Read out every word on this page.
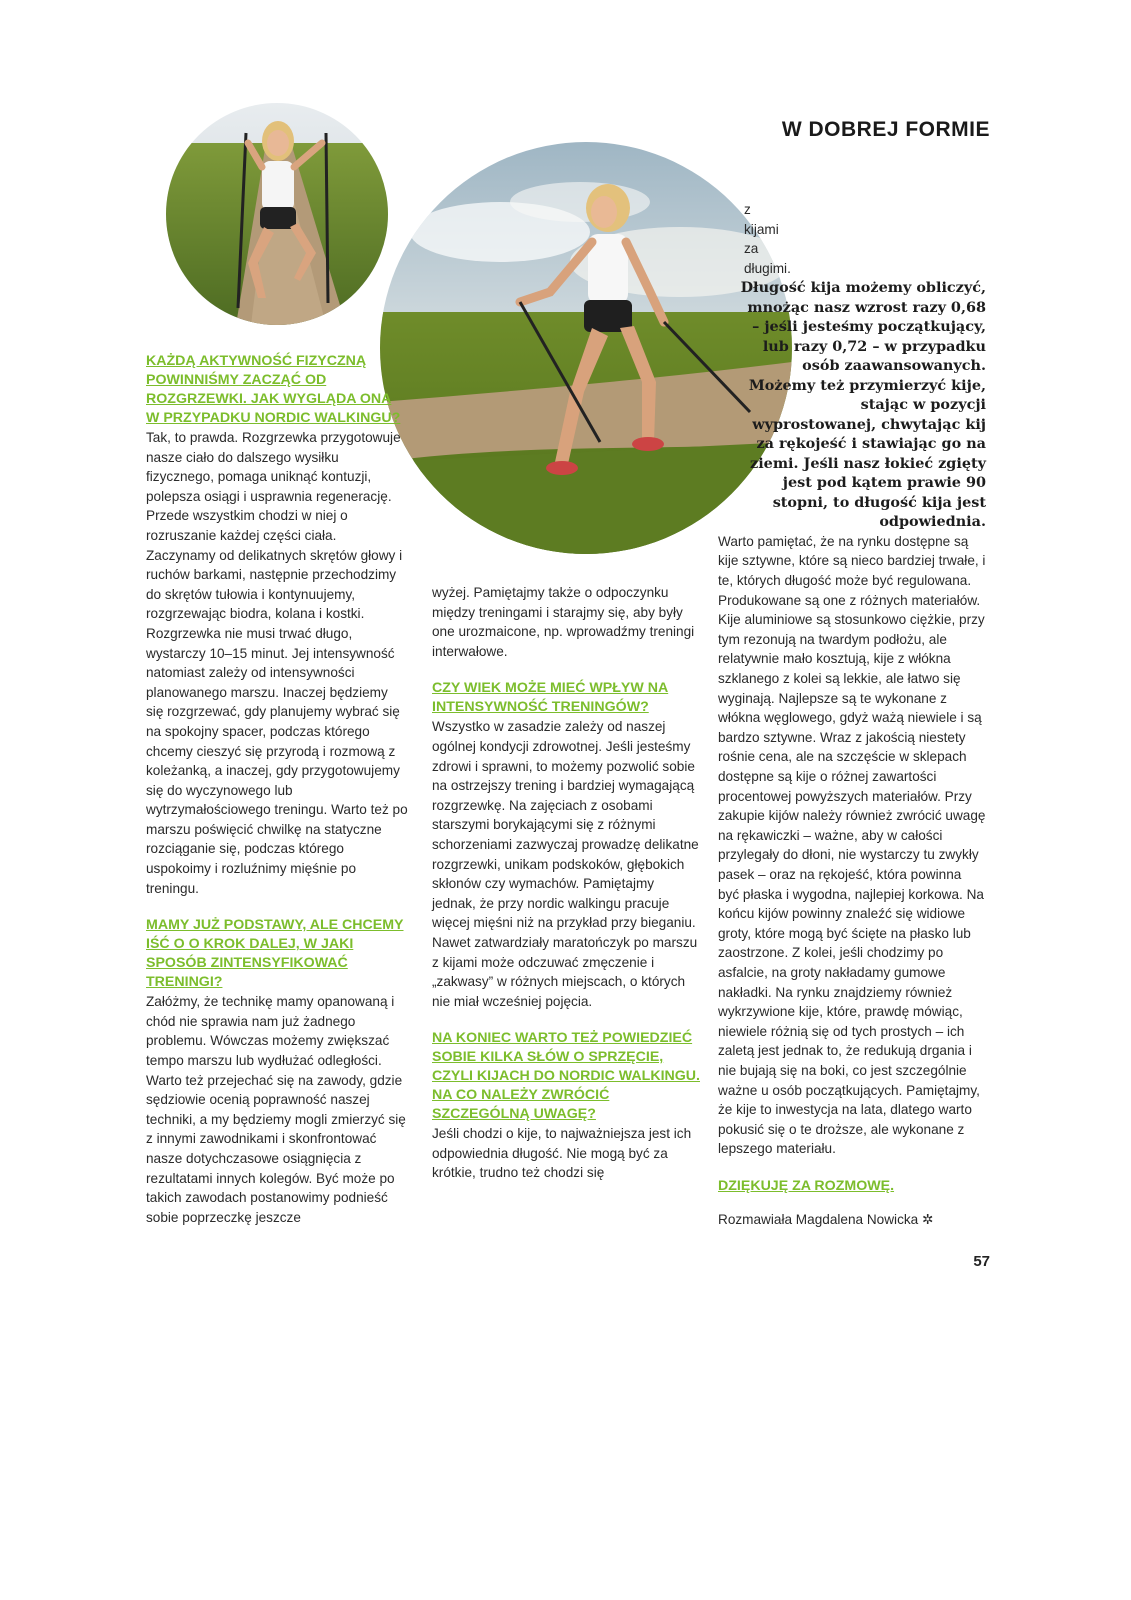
W DOBREJ FORMIE

KAŻDĄ AKTYWNOŚĆ FIZYCZNĄ POWINNIŚMY ZACZĄĆ OD ROZGRZEWKI. JAK WYGLĄDA ONA W PRZYPADKU NORDIC WALKINGU?

Tak, to prawda. Rozgrzewka przygotowuje nasze ciało do dalszego wysiłku fizycznego, pomaga uniknąć kontuzji, polepsza osiągi i usprawnia regenerację. Przede wszystkim chodzi w niej o rozruszanie każdej części ciała. Zaczynamy od delikatnych skrętów głowy i ruchów barkami, następnie przechodzimy do skrętów tułowia i kontynuujemy, rozgrzewając biodra, kolana i kostki. Rozgrzewka nie musi trwać długo, wystarczy 10–15 minut. Jej intensywność natomiast zależy od intensywności planowanego marszu. Inaczej będziemy się rozgrzewać, gdy planujemy wybrać się na spokojny spacer, podczas którego chcemy cieszyć się przyrodą i rozmową z koleżanką, a inaczej, gdy przygotowujemy się do wyczynowego lub wytrzymałościowego treningu. Warto też po marszu poświęcić chwilkę na statyczne rozciąganie się, podczas którego uspokoimy i rozluźnimy mięśnie po treningu.

MAMY JUŻ PODSTAWY, ALE CHCEMY IŚĆ O O KROK DALEJ, W JAKI SPOSÓB ZINTENSYFIKOWAĆ TRENINGI?

Załóżmy, że technikę mamy opanowaną i chód nie sprawia nam już żadnego problemu. Wówczas możemy zwiększać tempo marszu lub wydłużać odległości. Warto też przejechać się na zawody, gdzie sędziowie ocenią poprawność naszej techniki, a my będziemy mogli zmierzyć się z innymi zawodnikami i skonfrontować nasze dotychczasowe osiągnięcia z rezultatami innych kolegów. Być może po takich zawodach postanowimy podnieść sobie poprzeczkę jeszcze

wyżej. Pamiętajmy także o odpoczynku między treningami i starajmy się, aby były one urozmaicone, np. wprowadźmy treningi interwałowe.

CZY WIEK MOŻE MIEĆ WPŁYW NA INTENSYWNOŚĆ TRENINGÓW?

Wszystko w zasadzie zależy od naszej ogólnej kondycji zdrowotnej. Jeśli jesteśmy zdrowi i sprawni, to możemy pozwolić sobie na ostrzejszy trening i bardziej wymagającą rozgrzewkę. Na zajęciach z osobami starszymi borykającymi się z różnymi schorzeniami zazwyczaj prowadzę delikatne rozgrzewki, unikam podskoków, głębokich skłonów czy wymachów. Pamiętajmy jednak, że przy nordic walkingu pracuje więcej mięśni niż na przykład przy bieganiu. Nawet zatwardziały maratończyk po marszu z kijami może odczuwać zmęczenie i „zakwasy” w różnych miejscach, o których nie miał wcześniej pojęcia.

NA KONIEC WARTO TEŻ POWIEDZIEĆ SOBIE KILKA SŁÓW O SPRZĘCIE, CZYLI KIJACH DO NORDIC WALKINGU. NA CO NALEŻY ZWRÓCIĆ SZCZEGÓLNĄ UWAGĘ?

Jeśli chodzi o kije, to najważniejsza jest ich odpowiednia długość. Nie mogą być za krótkie, trudno też chodzi się

z kijami za długimi.

Długość kija możemy obliczyć, mnożąc nasz wzrost razy 0,68 – jeśli jesteśmy początkujący, lub razy 0,72 – w przypadku osób zaawansowanych. Możemy też przymierzyć kije, stając w pozycji wyprostowanej, chwytając kij za rękojeść i stawiając go na ziemi. Jeśli nasz łokieć zgięty jest pod kątem prawie 90 stopni, to długość kija jest odpowiednia.

Warto pamiętać, że na rynku dostępne są kije sztywne, które są nieco bardziej trwałe, i te, których długość może być regulowana. Produkowane są one z różnych materiałów. Kije aluminiowe są stosunkowo ciężkie, przy tym rezonują na twardym podłożu, ale relatywnie mało kosztują, kije z włókna szklanego z kolei są lekkie, ale łatwo się wyginają. Najlepsze są te wykonane z włókna węglowego, gdyż ważą niewiele i są bardzo sztywne. Wraz z jakością niestety rośnie cena, ale na szczęście w sklepach dostępne są kije o różnej zawartości procentowej powyższych materiałów. Przy zakupie kijów należy również zwrócić uwagę na rękawiczki – ważne, aby w całości przylegały do dłoni, nie wystarczy tu zwykły pasek – oraz na rękojeść, która powinna być płaska i wygodna, najlepiej korkowa. Na końcu kijów powinny znaleźć się widiowe groty, które mogą być ścięte na płasko lub zaostrzone. Z kolei, jeśli chodzimy po asfalcie, na groty nakładamy gumowe nakładki. Na rynku znajdziemy również wykrzywione kije, które, prawdę mówiąc, niewiele różnią się od tych prostych – ich zaletą jest jednak to, że redukują drgania i nie bujają się na boki, co jest szczególnie ważne u osób początkujących. Pamiętajmy, że kije to inwestycja na lata, dlatego warto pokusić się o te droższe, ale wykonane z lepszego materiału.

DZIĘKUJĘ ZA ROZMOWĘ.

Rozmawiała Magdalena Nowicka ✲

57
